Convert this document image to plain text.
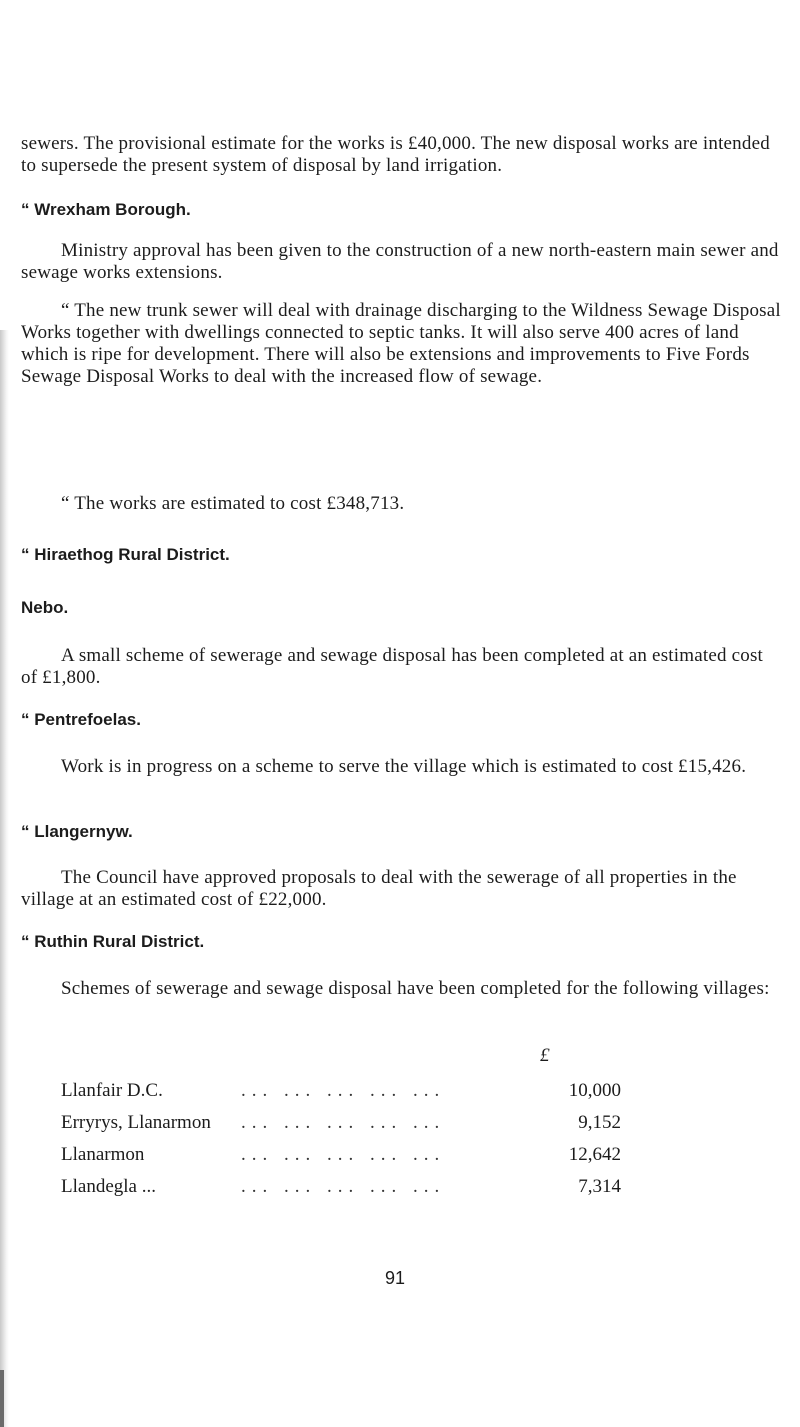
sewers. The provisional estimate for the works is £40,000. The new disposal works are intended to supersede the present system of disposal by land irrigation.

“ Wrexham Borough.

Ministry approval has been given to the construction of a new north-eastern main sewer and sewage works extensions.

“ The new trunk sewer will deal with drainage discharging to the Wildness Sewage Disposal Works together with dwellings connected to septic tanks. It will also serve 400 acres of land which is ripe for development. There will also be extensions and improvements to Five Fords Sewage Disposal Works to deal with the increased flow of sewage.

“ The works are estimated to cost £348,713.

“ Hiraethog Rural District.
Nebo.

A small scheme of sewerage and sewage disposal has been completed at an estimated cost of £1,800.

“ Pentrefoelas.

Work is in progress on a scheme to serve the village which is estimated to cost £15,426.

“ Llangernyw.

The Council have approved proposals to deal with the sewerage of all properties in the village at an estimated cost of £22,000.

“ Ruthin Rural District.

Schemes of sewerage and sewage disposal have been completed for the following villages:

£
... ... ... ... ...
Llanfair D.C.	10,000
... ... ... ... ...
Erryrys, Llanarmon	9,152
... ... ... ... ...
Llanarmon	12,642
... ... ... ... ...
Llandegla ...	7,314
91
